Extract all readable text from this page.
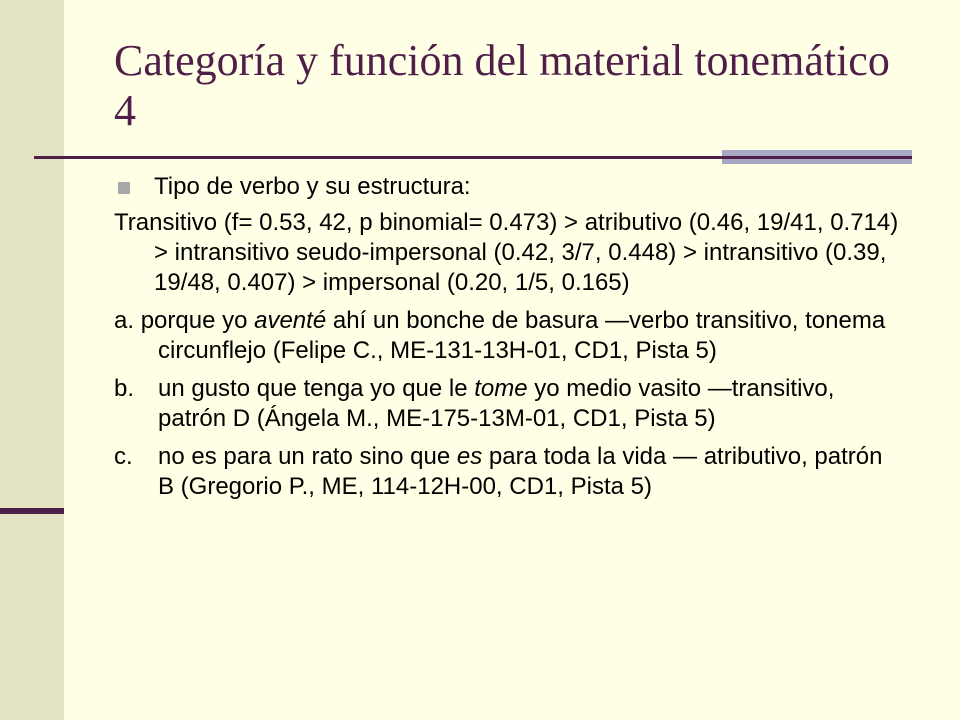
Categoría y función del material tonemático 4
Tipo de verbo y su estructura:

Transitivo (f= 0.53, 42, p binomial= 0.473) > atributivo (0.46, 19/41, 0.714) > intransitivo seudo-impersonal (0.42, 3/7, 0.448) > intransitivo (0.39, 19/48, 0.407) > impersonal (0.20, 1/5, 0.165)

a. porque yo aventé ahí un bonche de basura —verbo transitivo, tonema circunflejo (Felipe C., ME-131-13H-01, CD1, Pista 5)

b. un gusto que tenga yo que le tome yo medio vasito —transitivo, patrón D (Ángela M., ME-175-13M-01, CD1, Pista 5)
c. no es para un rato sino que es para toda la vida — atributivo, patrón B (Gregorio P., ME, 114-12H-00, CD1, Pista 5)
